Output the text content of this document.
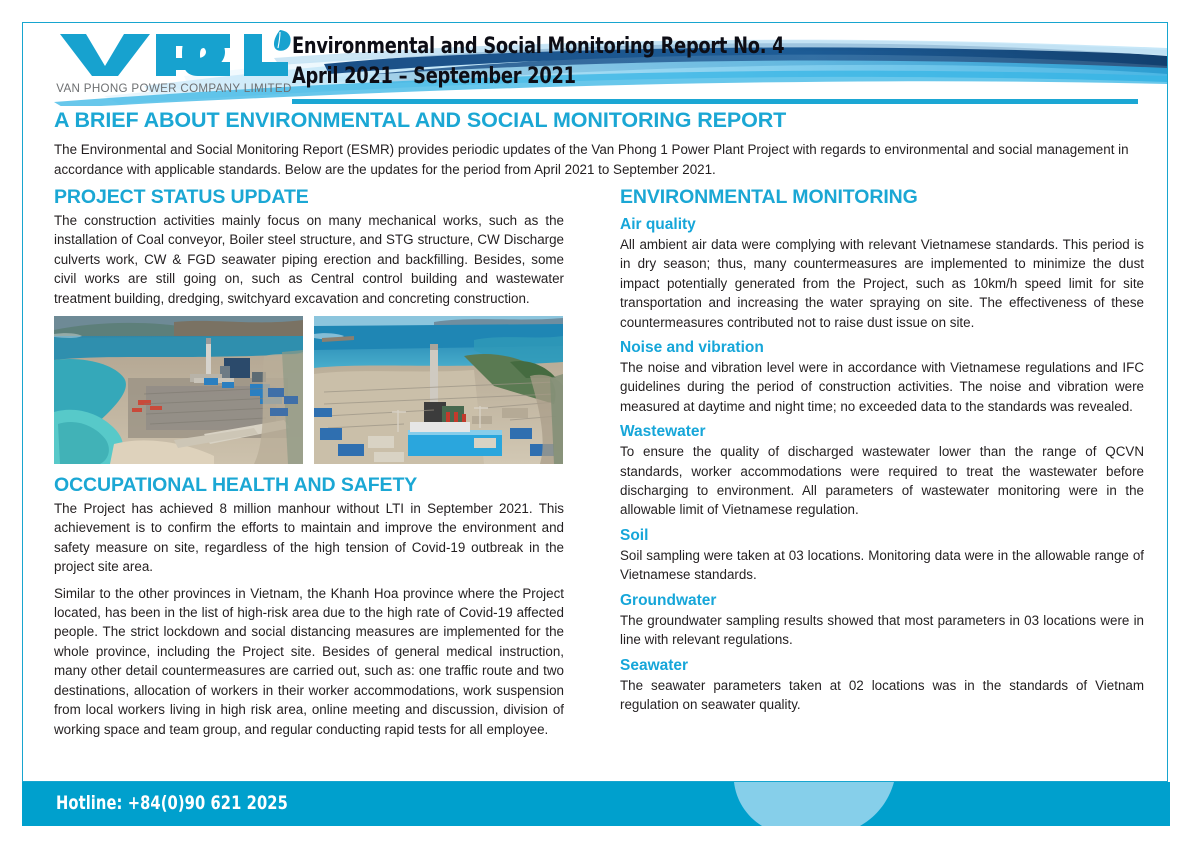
VAN PHONG POWER COMPANY LIMITED
Environmental and Social Monitoring Report No. 4
April 2021 – September 2021
A BRIEF ABOUT ENVIRONMENTAL AND SOCIAL MONITORING REPORT

The Environmental and Social Monitoring Report (ESMR) provides periodic updates of the Van Phong 1 Power Plant Project with regards to environmental and social management in accordance with applicable standards. Below are the updates for the period from April 2021 to September 2021.

PROJECT STATUS UPDATE

The construction activities mainly focus on many mechanical works, such as the installation of Coal conveyor, Boiler steel structure, and STG structure, CW Discharge culverts work, CW & FGD seawater piping erection and backfilling. Besides, some civil works are still going on, such as Central control building and wastewater treatment building, dredging, switchyard excavation and concreting construction.

OCCUPATIONAL HEALTH AND SAFETY

The Project has achieved 8 million manhour without LTI in September 2021. This achievement is to confirm the efforts to maintain and improve the environment and safety measure on site, regardless of the high tension of Covid-19 outbreak in the project site area.

Similar to the other provinces in Vietnam, the Khanh Hoa province where the Project located, has been in the list of high-risk area due to the high rate of Covid-19 affected people. The strict lockdown and social distancing measures are implemented for the whole province, including the Project site. Besides of general medical instruction, many other detail countermeasures are carried out, such as: one traffic route and two destinations, allocation of workers in their worker accommodations, work suspension from local workers living in high risk area, online meeting and discussion, division of working space and team group, and regular conducting rapid tests for all employee.

ENVIRONMENTAL MONITORING
Air quality

All ambient air data were complying with relevant Vietnamese standards. This period is in dry season; thus, many countermeasures are implemented to minimize the dust impact potentially generated from the Project, such as 10km/h speed limit for site transportation and increasing the water spraying on site. The effectiveness of these countermeasures contributed not to raise dust issue on site.

Noise and vibration

The noise and vibration level were in accordance with Vietnamese regulations and IFC guidelines during the period of construction activities. The noise and vibration were measured at daytime and night time; no exceeded data to the standards was revealed.

Wastewater

To ensure the quality of discharged wastewater lower than the range of QCVN standards, worker accommodations were required to treat the wastewater before discharging to environment. All parameters of wastewater monitoring were in the allowable limit of Vietnamese regulation.

Soil

Soil sampling were taken at 03 locations. Monitoring data were in the allowable range of Vietnamese standards.

Groundwater

The groundwater sampling results showed that most parameters in 03 locations were in line with relevant regulations.

Seawater

The seawater parameters taken at 02 locations was in the standards of Vietnam regulation on seawater quality.

Hotline: +84(0)90 621 2025
